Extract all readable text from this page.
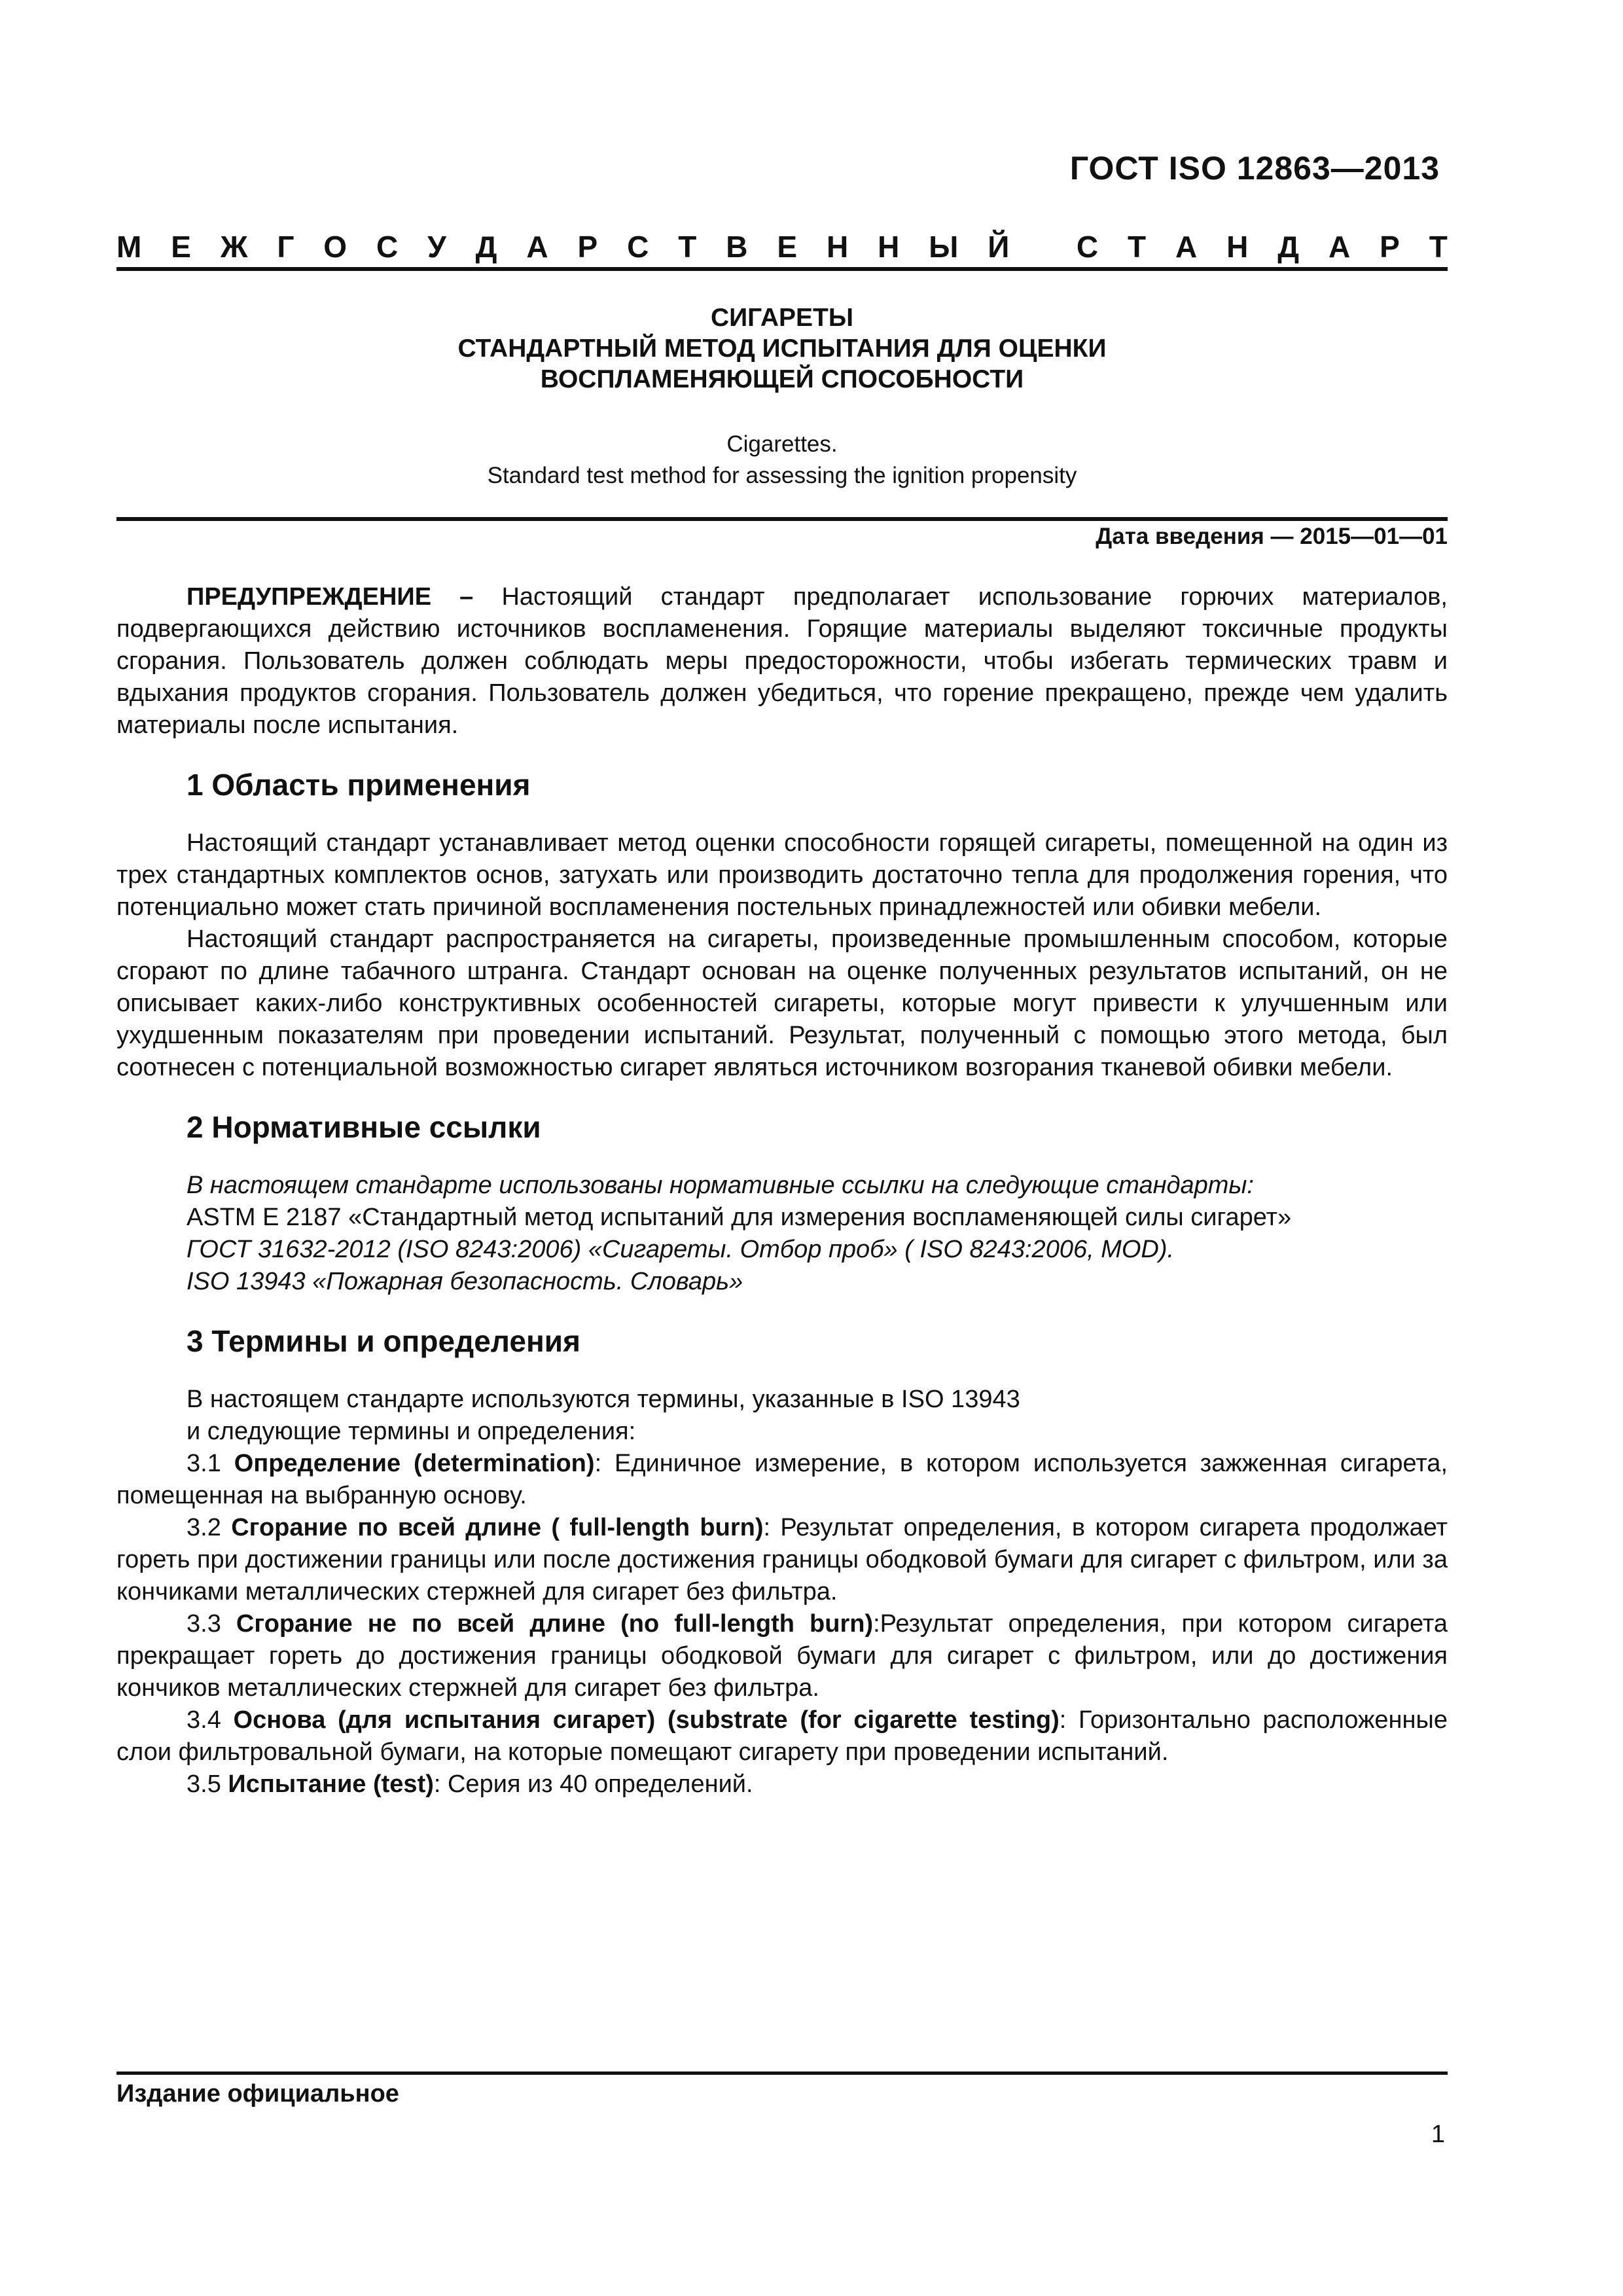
ГОСТ ISO 12863—2013
М Е Ж Г О С У Д А Р С Т В Е Н Н Ы Й
С Т А Н Д А Р Т
СИГАРЕТЫ
СТАНДАРТНЫЙ МЕТОД ИСПЫТАНИЯ ДЛЯ ОЦЕНКИ
ВОСПЛАМЕНЯЮЩЕЙ СПОСОБНОСТИ
Cigarettes.
Standard test method for assessing the ignition propensity
Дата введения — 2015—01—01

ПРЕДУПРЕЖДЕНИЕ – Настоящий стандарт предполагает использование горючих материалов, подвергающихся действию источников воспламенения. Горящие материалы выделяют токсичные продукты сгорания. Пользователь должен соблюдать меры предосторожности, чтобы избегать термических травм и вдыхания продуктов сгорания. Пользователь должен убедиться, что горение прекращено, прежде чем удалить материалы после испытания.

1 Область применения

Настоящий стандарт устанавливает метод оценки способности горящей сигареты, помещенной на один из трех стандартных комплектов основ, затухать или производить достаточно тепла для продолжения горения, что потенциально может стать причиной воспламенения постельных принадлежностей или обивки мебели.

Настоящий стандарт распространяется на сигареты, произведенные промышленным способом, которые сгорают по длине табачного штранга. Стандарт основан на оценке полученных результатов испытаний, он не описывает каких-либо конструктивных особенностей сигареты, которые могут привести к улучшенным или ухудшенным показателям при проведении испытаний. Результат, полученный с помощью этого метода, был соотнесен с потенциальной возможностью сигарет являться источником возгорания тканевой обивки мебели.

2 Нормативные ссылки

В настоящем стандарте использованы нормативные ссылки на следующие стандарты:

ASTM E 2187 «Стандартный метод испытаний для измерения воспламеняющей силы сигарет»

ГОСТ 31632-2012 (ISO 8243:2006) «Сигареты. Отбор проб» ( ISO 8243:2006, MOD).

ISO 13943 «Пожарная безопасность. Словарь»

3 Термины и определения

В настоящем стандарте используются термины, указанные в ISO 13943

и следующие термины и определения:

3.1 Определение (determination): Единичное измерение, в котором используется зажженная сигарета, помещенная на выбранную основу.

3.2 Сгорание по всей длине ( full-length burn): Результат определения, в котором сигарета продолжает гореть при достижении границы или после достижения границы ободковой бумаги для сигарет с фильтром, или за кончиками металлических стержней для сигарет без фильтра.

3.3 Сгорание не по всей длине (no full-length burn):Результат определения, при котором сигарета прекращает гореть до достижения границы ободковой бумаги для сигарет с фильтром, или до достижения кончиков металлических стержней для сигарет без фильтра.

3.4 Основа (для испытания сигарет) (substrate (for cigarette testing): Горизонтально расположенные слои фильтровальной бумаги, на которые помещают сигарету при проведении испытаний.

3.5 Испытание (test): Серия из 40 определений.

Издание официальное
1
